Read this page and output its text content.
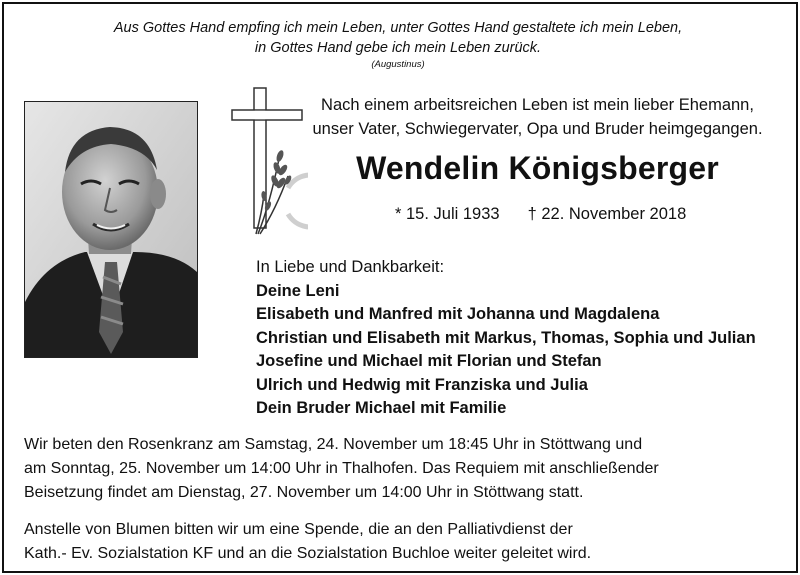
Aus Gottes Hand empfing ich mein Leben, unter Gottes Hand gestaltete ich mein Leben,
in Gottes Hand gebe ich mein Leben zurück.
(Augustinus)
Nach einem arbeitsreichen Leben ist mein lieber Ehemann,
unser Vater, Schwiegervater, Opa und Bruder heimgegangen.
Wendelin Königsberger
* 15. Juli 1933 † 22. November 2018
In Liebe und Dankbarkeit:
Deine Leni
Elisabeth und Manfred mit Johanna und Magdalena
Christian und Elisabeth mit Markus, Thomas, Sophia und Julian
Josefine und Michael mit Florian und Stefan
Ulrich und Hedwig mit Franziska und Julia
Dein Bruder Michael mit Familie

Wir beten den Rosenkranz am Samstag, 24. November um 18:45 Uhr in Stöttwang und
am Sonntag, 25. November um 14:00 Uhr in Thalhofen. Das Requiem mit anschließender
Beisetzung findet am Dienstag, 27. November um 14:00 Uhr in Stöttwang statt.

Anstelle von Blumen bitten wir um eine Spende, die an den Palliativdienst der
Kath.- Ev. Sozialstation KF und an die Sozialstation Buchloe weiter geleitet wird.
